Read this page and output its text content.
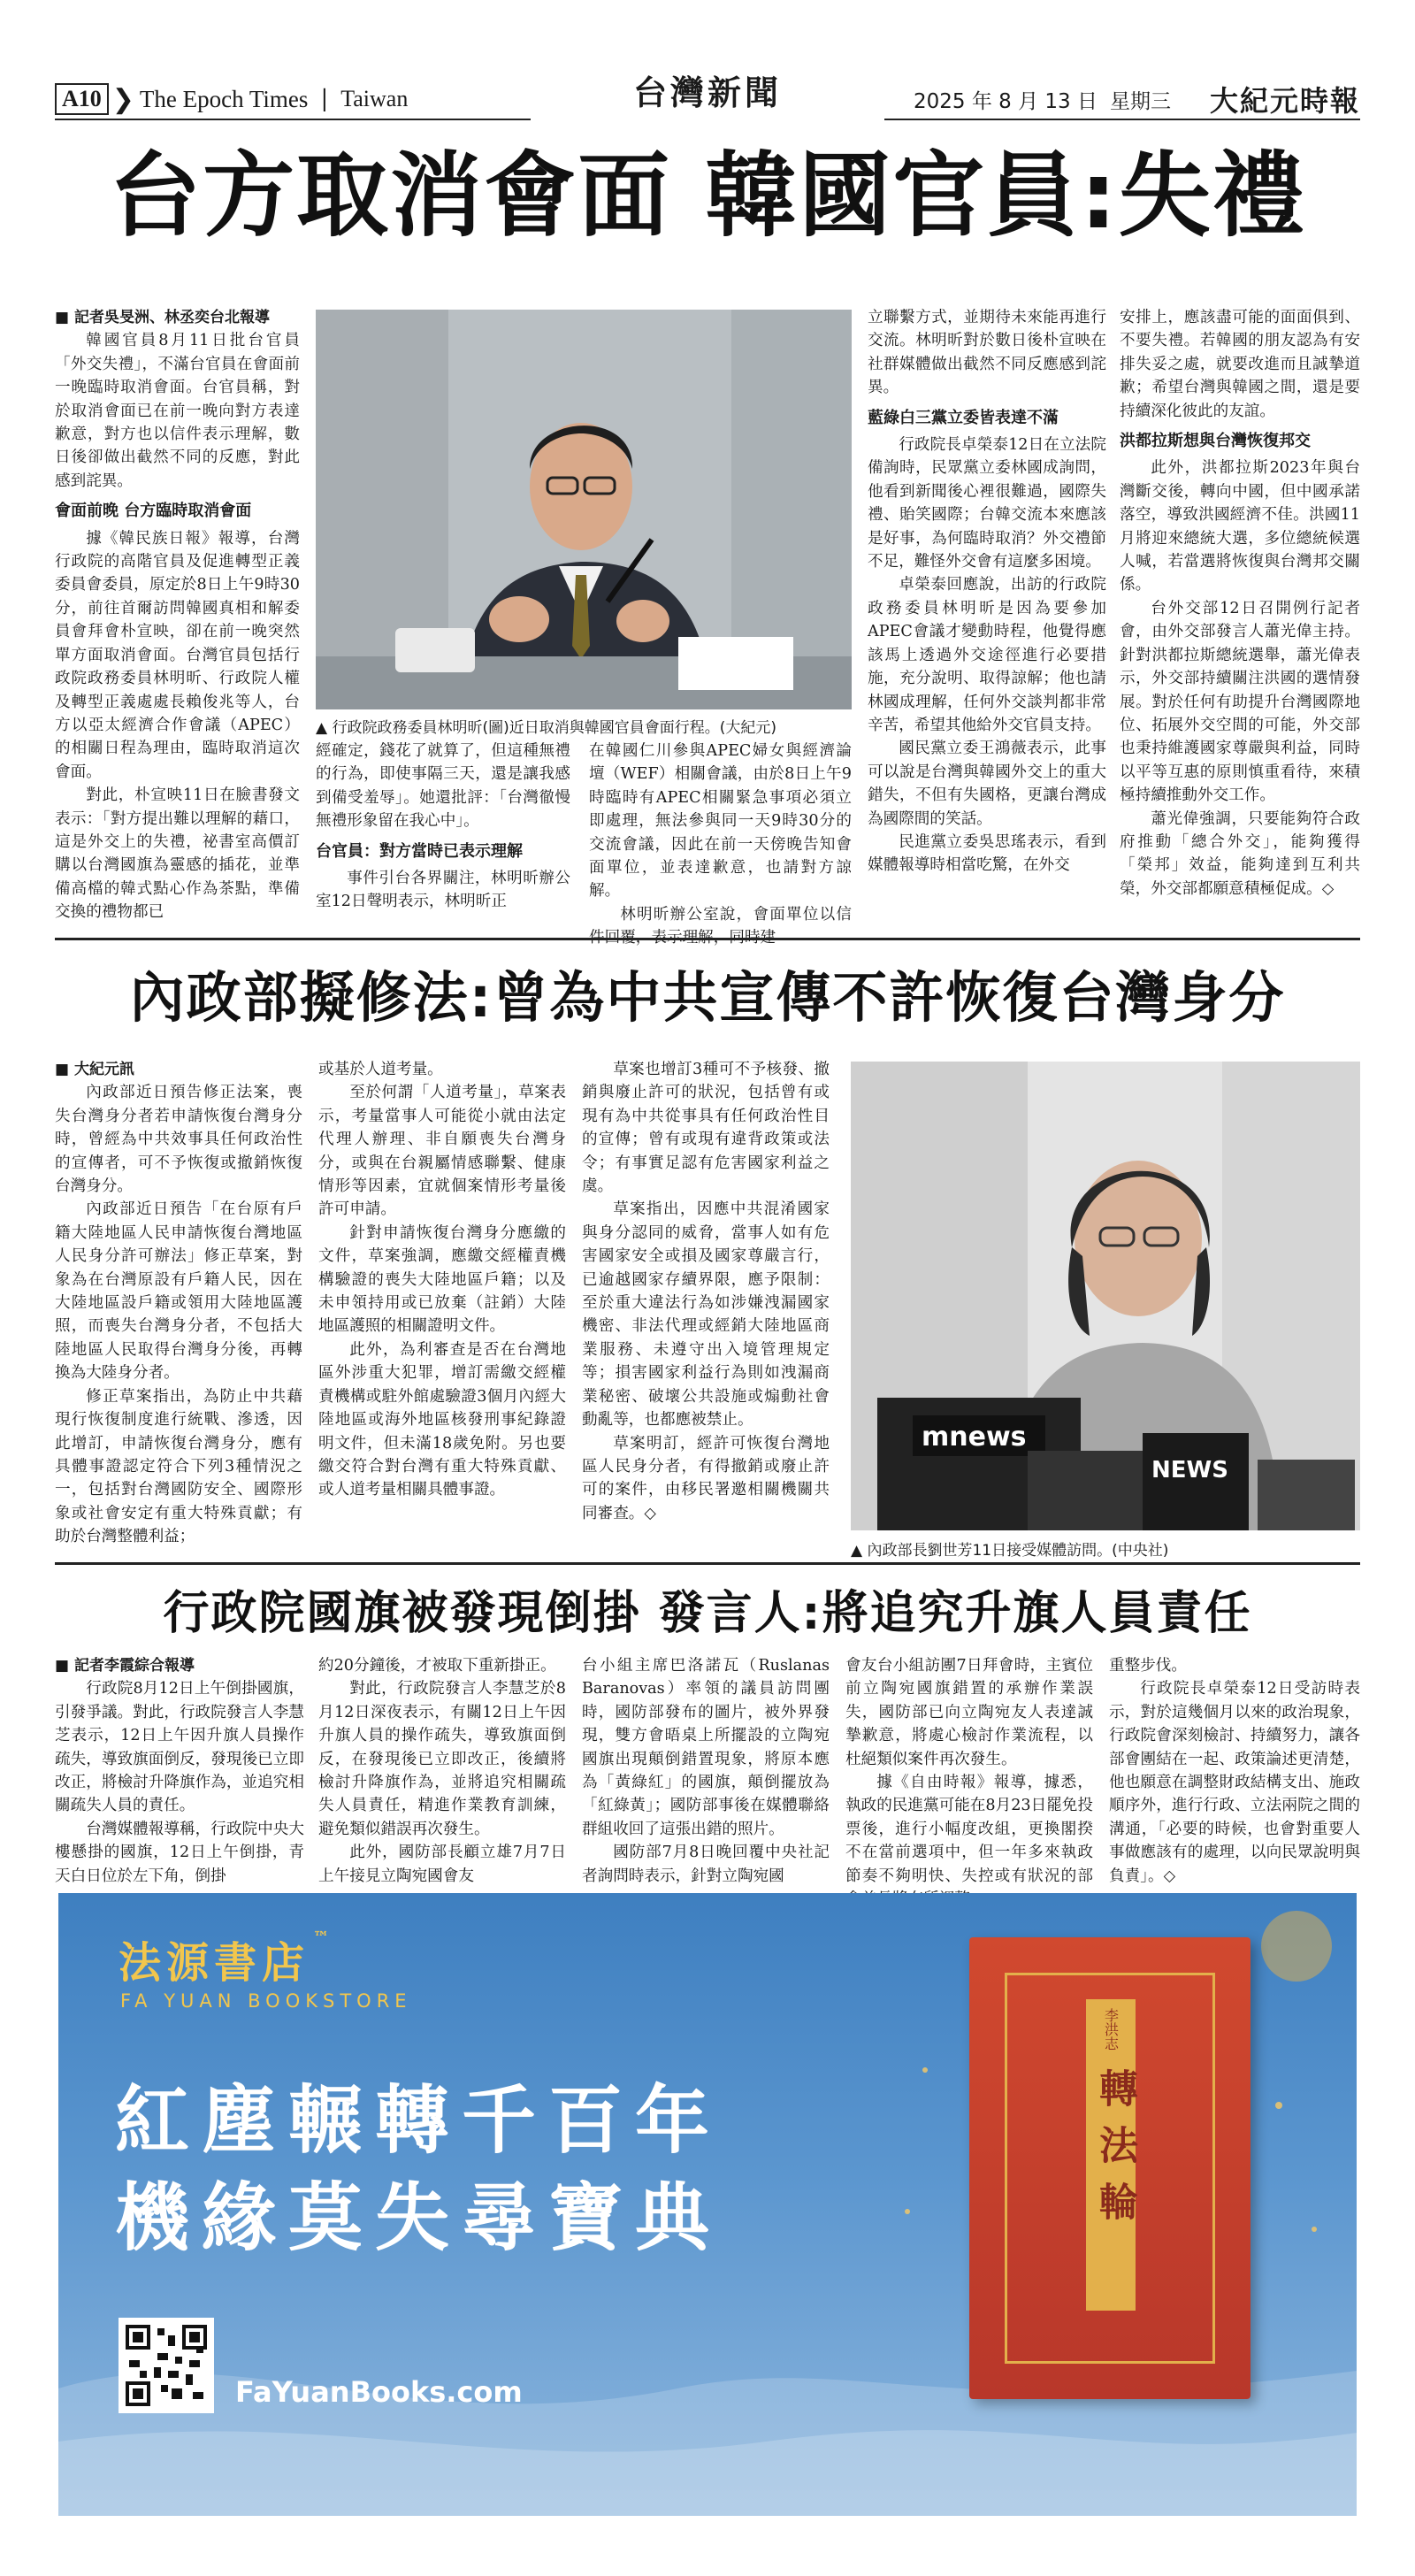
A10 ❯ The Epoch Times | Taiwan	2025 年 8 月 13 日 星期三 大紀元時報
台灣新聞
台方取消會面 韓國官員:失禮

■ 記者吳旻洲、林丞奕台北報導

韓國官員8月11日批台官員「外交失禮」，不滿台官員在會面前一晚臨時取消會面。台官員稱，對於取消會面已在前一晚向對方表達歉意，對方也以信件表示理解，數日後卻做出截然不同的反應，對此感到詫異。

會面前晚 台方臨時取消會面

據《韓民族日報》報導，台灣行政院的高階官員及促進轉型正義委員會委員，原定於8日上午9時30分，前往首爾訪問韓國真相和解委員會拜會朴宣映，卻在前一晚突然單方面取消會面。台灣官員包括行政院政務委員林明昕、行政院人權及轉型正義處處長賴俊兆等人，台方以亞太經濟合作會議（APEC）的相關日程為理由，臨時取消這次會面。

對此，朴宣映11日在臉書發文表示：「對方提出難以理解的藉口，這是外交上的失禮，祕書室高價訂購以台灣國旗為靈感的插花，並準備高檔的韓式點心作為茶點，準備交換的禮物都已

▲ 行政院政務委員林明昕(圖)近日取消與韓國官員會面行程。(大紀元)

經確定，錢花了就算了，但這種無禮的行為，即使事隔三天，還是讓我感到備受羞辱」。她還批評：「台灣徹慢無禮形象留在我心中」。

台官員：對方當時已表示理解

事件引台各界關注，林明昕辦公室12日聲明表示，林明昕正

在韓國仁川參與APEC婦女與經濟論壇（WEF）相關會議，由於8日上午9時臨時有APEC相關緊急事項必須立即處理，無法參與同一天9時30分的交流會議，因此在前一天傍晚告知會面單位，並表達歉意，也請對方諒解。

林明昕辦公室說，會面單位以信

立聯繫方式，並期待未來能再進行交流。林明昕對於數日後朴宣映在社群媒體做出截然不同反應感到詫異。

藍綠白三黨立委皆表達不滿

行政院長卓榮泰12日在立法院備詢時，民眾黨立委林國成詢問，他看到新聞後心裡很難過，國際失禮、貽笑國際；台韓交流本來應該是好事，為何臨時取消？外交禮節不足，難怪外交會有這麼多困境。

卓榮泰回應說，出訪的行政院政務委員林明昕是因為要參加APEC會議才變動時程，他覺得應該馬上透過外交途徑進行必要措施，充分說明、取得諒解；他也請林國成理解，任何外交談判都非常辛苦，希望其他給外交官員支持。

國民黨立委王鴻薇表示，此事可以說是台灣與韓國外交上的重大錯失，不但有失國格，更讓台灣成為國際間的笑話。

民進黨立委吳思瑤表示，看到媒體報導時相當吃驚，在外交

安排上，應該盡可能的面面俱到、不要失禮。若韓國的朋友認為有安排失妥之處，就要改進而且誠摯道歉；希望台灣與韓國之間，還是要持續深化彼此的友誼。

洪都拉斯想與台灣恢復邦交

此外，洪都拉斯2023年與台灣斷交後，轉向中國，但中國承諾落空，導致洪國經濟不佳。洪國11月將迎來總統大選，多位總統候選人喊，若當選將恢復與台灣邦交關係。

台外交部12日召開例行記者會，由外交部發言人蕭光偉主持。針對洪都拉斯總統選舉，蕭光偉表示，外交部持續關注洪國的選情發展。對於任何有助提升台灣國際地位、拓展外交空間的可能，外交部也秉持維護國家尊嚴與利益，同時以平等互惠的原則慎重看待，來積極持續推動外交工作。

蕭光偉強調，只要能夠符合政府推動「總合外交」，能夠獲得「榮邦」效益，能夠達到互利共榮，外交部都願意積極促成。◇

內政部擬修法:曾為中共宣傳不許恢復台灣身分

■ 大紀元訊

內政部近日預告修正法案，喪失台灣身分者若申請恢復台灣身分時，曾經為中共效事具任何政治性的宣傳者，可不予恢復或撤銷恢復台灣身分。

內政部近日預告「在台原有戶籍大陸地區人民申請恢復台灣地區人民身分許可辦法」修正草案，對象為在台灣原設有戶籍人民，因在大陸地區設戶籍或領用大陸地區護照，而喪失台灣身分者，不包括大陸地區人民取得台灣身分後，再轉換為大陸身分者。

修正草案指出，為防止中共藉現行恢復制度進行統戰、滲透，因此增訂，申請恢復台灣身分，應有具體事證認定符合下列3種情況之一，包括對台灣國防安全、國際形象或社會安定有重大特殊貢獻；有助於台灣整體利益；

或基於人道考量。

至於何謂「人道考量」，草案表示，考量當事人可能從小就由法定代理人辦理、非自願喪失台灣身分，或與在台親屬情感聯繫、健康情形等因素，宜就個案情形考量後許可申請。

針對申請恢復台灣身分應繳的文件，草案強調，應繳交經權責機構驗證的喪失大陸地區戶籍；以及未申領持用或已放棄（註銷）大陸地區護照的相關證明文件。

此外，為利審查是否在台灣地區外涉重大犯罪，增訂需繳交經權責機構或駐外館處驗證3個月內經大陸地區或海外地區核發刑事紀錄證明文件，但未滿18歲免附。另也要繳交符合對台灣有重大特殊貢獻、或人道考量相關具體事證。

草案也增訂3種可不予核發、撤銷與廢止許可的狀況，包括曾有或現有為中共從事具有任何政治性目的宣傳；曾有或現有違背政策或法令；有事實足認有危害國家利益之虞。

草案指出，因應中共混淆國家與身分認同的威脅，當事人如有危害國家安全或損及國家尊嚴言行，已逾越國家存續界限，應予限制：至於重大違法行為如涉嫌洩漏國家機密、非法代理或經銷大陸地區商業服務、未遵守出入境管理規定等；損害國家利益行為則如洩漏商業秘密、破壞公共設施或煽動社會動亂等，也都應被禁止。

草案明訂，經許可恢復台灣地區人民身分者，有得撤銷或廢止許可的案件，由移民署邀相關機關共同審查。◇

mnews
NEWS
▲ 內政部長劉世芳11日接受媒體訪問。(中央社)
行政院國旗被發現倒掛 發言人:將追究升旗人員責任

■ 記者李霞綜合報導

行政院8月12日上午倒掛國旗，引發爭議。對此，行政院發言人李慧芝表示，12日上午因升旗人員操作疏失，導致旗面倒反，發現後已立即改正，將檢討升降旗作為，並追究相關疏失人員的責任。

台灣媒體報導稱，行政院中央大樓懸掛的國旗，12日上午倒掛，青天白日位於左下角，倒掛

約20分鐘後，才被取下重新掛正。

對此，行政院發言人李慧芝於8月12日深夜表示，有關12日上午因升旗人員的操作疏失，導致旗面倒反，在發現後已立即改正，後續將檢討升降旗作為，並將追究相關疏失人員責任，精進作業教育訓練，避免類似錯誤再次發生。

此外，國防部長顧立雄7月7日上午接見立陶宛國會友

台小組主席巴洛諾瓦（Ruslanas Baranovas）率領的議員訪問團時，國防部發布的圖片，被外界發現，雙方會晤桌上所擺設的立陶宛國旗出現顛倒錯置現象，將原本應為「黃綠紅」的國旗，顛倒擺放為「紅綠黃」；國防部事後在媒體聯絡群組收回了這張出錯的照片。

國防部7月8日晚回覆中央社記者詢問時表示，針對立陶宛國

會友台小組訪團7日拜會時，主賓位前立陶宛國旗錯置的承辦作業誤失，國防部已向立陶宛友人表達誠摯歉意，將處心檢討作業流程，以杜絕類似案件再次發生。

據《自由時報》報導，據悉，執政的民進黨可能在8月23日罷免投票後，進行小幅度改組，更換閣揆不在當前選項中，但一年多來執政節奏不夠明快、失控或有狀況的部

重整步伐。

行政院長卓榮泰12日受訪時表示，對於這幾個月以來的政治現象，行政院會深刻檢討、持續努力，讓各部會團結在一起、政策論述更清楚，他也願意在調整財政結構支出、施政順序外，進行行政、立法兩院之間的溝通，「必要的時候，也會對重要人事做應該有的處理，以向民眾說明與負責」。◇

法源書店™
FA YUAN BOOKSTORE
紅塵輾轉千百年
機緣莫失尋寶典
FaYuanBooks.com
李洪志
轉法輪
